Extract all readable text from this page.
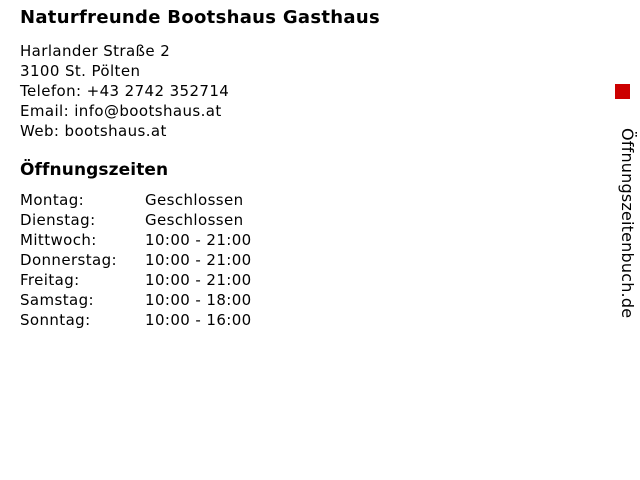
Naturfreunde Bootshaus Gasthaus
Harlander Straße 2
3100 St. Pölten
Telefon: +43 2742 352714
Email: info@bootshaus.at
Web: bootshaus.at
Öffnungszeiten
Montag:	Geschlossen
Dienstag:	Geschlossen
Mittwoch:	10:00 - 21:00
Donnerstag: 10:00 - 21:00
Freitag:	10:00 - 21:00
Samstag:	10:00 - 18:00
Sonntag:	10:00 - 16:00
Öffnungszeitenbuch.de
